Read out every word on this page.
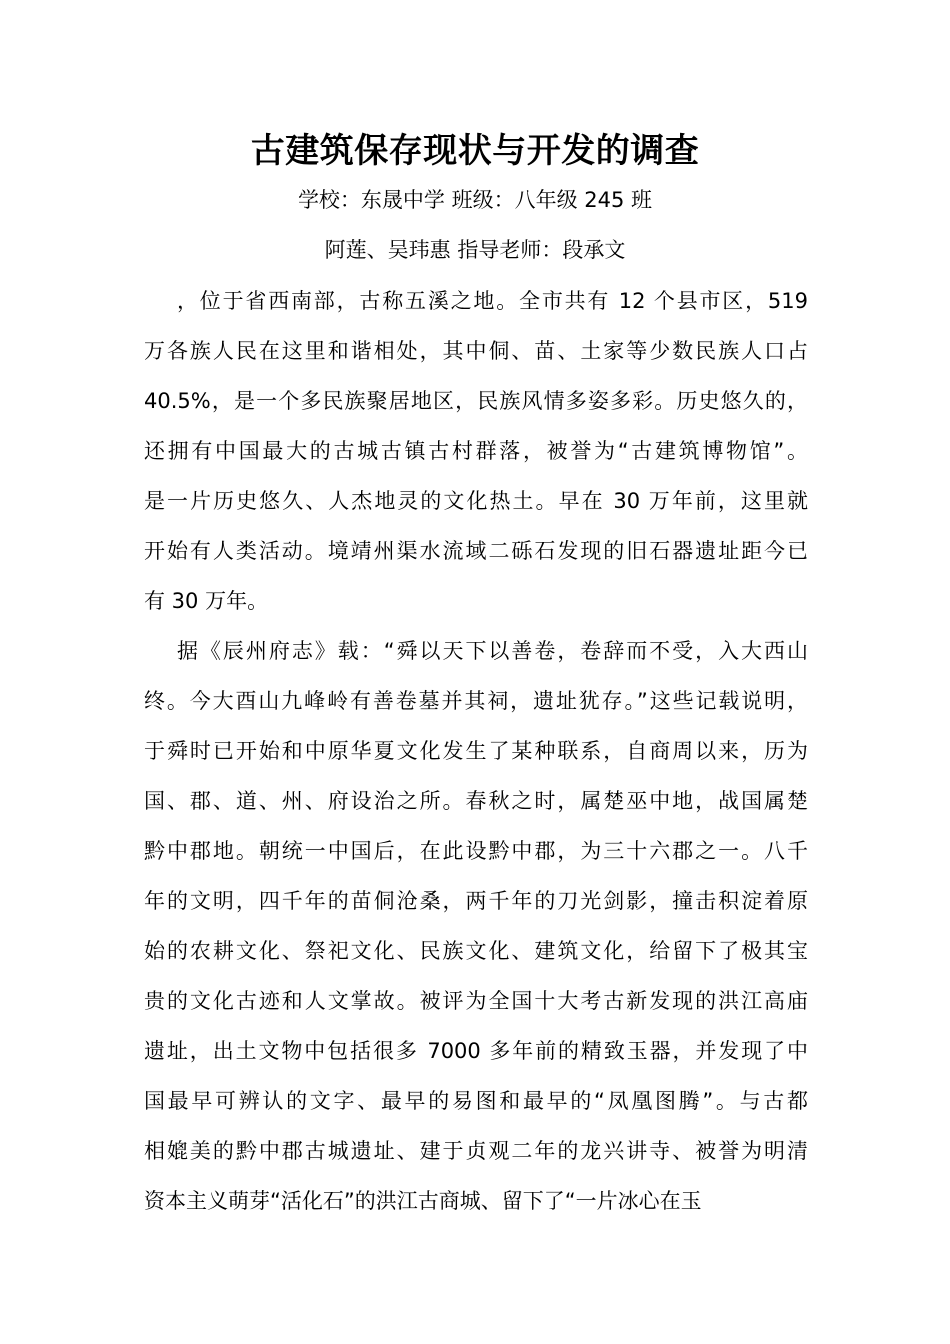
古建筑保存现状与开发的调查
学校：东晟中学 班级：八年级 245 班
阿莲、吴玮惠 指导老师：段承文
，位于省西南部，古称五溪之地。全市共有 12 个县市区，519
万各族人民在这里和谐相处，其中侗、苗、土家等少数民族人口占
40.5%，是一个多民族聚居地区，民族风情多姿多彩。历史悠久的，
还拥有中国最大的古城古镇古村群落，被誉为“古建筑博物馆”。
是一片历史悠久、人杰地灵的文化热土。早在 30 万年前，这里就
开始有人类活动。境靖州渠水流域二砾石发现的旧石器遗址距今已
有 30 万年。
据《辰州府志》载：“舜以天下以善卷，卷辞而不受，入大西山
终。今大酉山九峰岭有善卷墓并其祠，遗址犹存。”这些记载说明，
于舜时已开始和中原华夏文化发生了某种联系，自商周以来，历为
国、郡、道、州、府设治之所。春秋之时，属楚巫中地，战国属楚
黔中郡地。朝统一中国后，在此设黔中郡，为三十六郡之一。八千
年的文明，四千年的苗侗沧桑，两千年的刀光剑影，撞击积淀着原
始的农耕文化、祭祀文化、民族文化、建筑文化，给留下了极其宝
贵的文化古迹和人文掌故。被评为全国十大考古新发现的洪江高庙
遗址，出土文物中包括很多 7000 多年前的精致玉器，并发现了中
国最早可辨认的文字、最早的易图和最早的“凤凰图腾”。与古都
相媲美的黔中郡古城遗址、建于贞观二年的龙兴讲寺、被誉为明清
资本主义萌芽“活化石”的洪江古商城、留下了“一片冰心在玉
